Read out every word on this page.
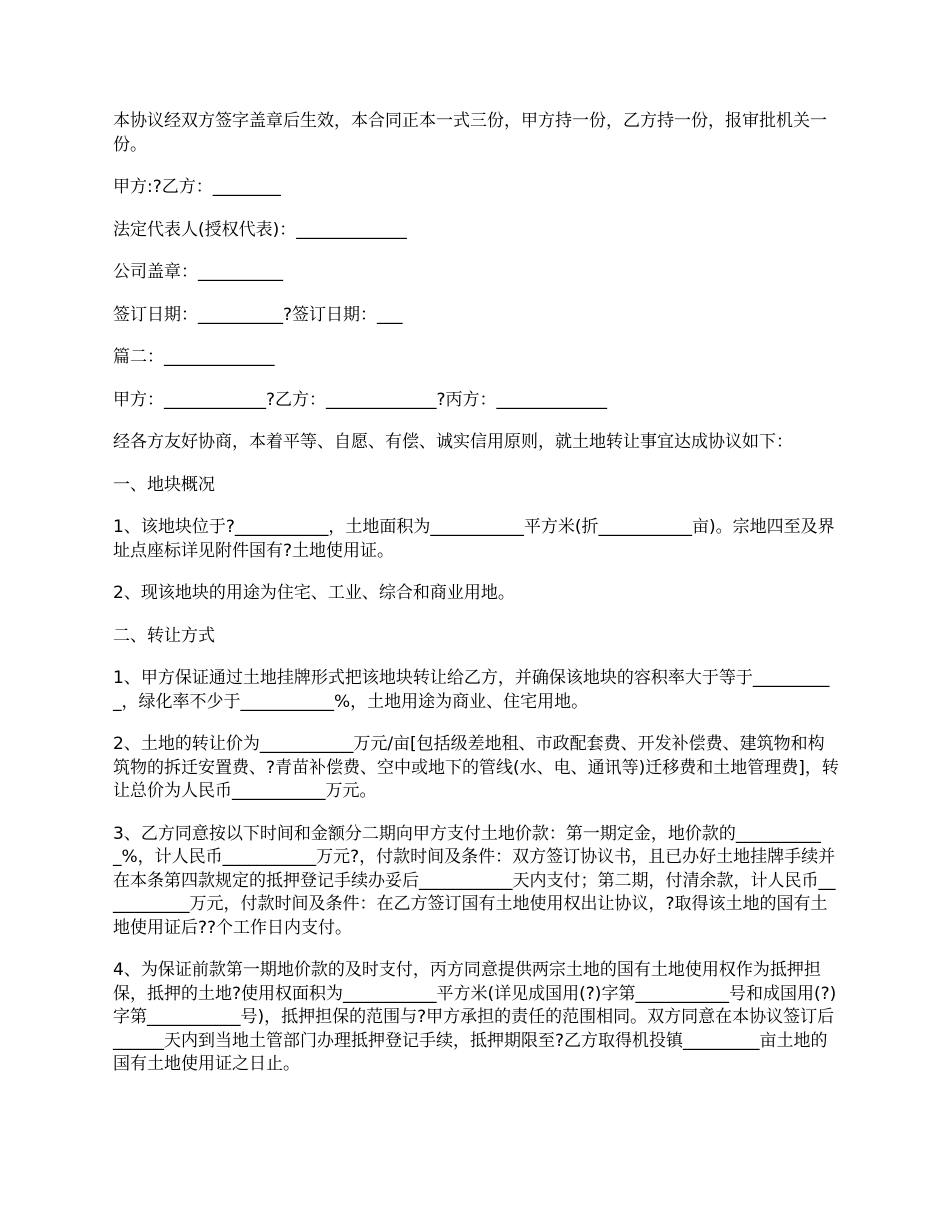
本协议经双方签字盖章后生效，本合同正本一式三份，甲方持一份，乙方持一份，报审批机关一份。

甲方:?乙方：________

法定代表人(授权代表)：_____________

公司盖章：__________

签订日期：__________?签订日期：___

篇二：_____________

甲方：____________?乙方：_____________?丙方：_____________

经各方友好协商，本着平等、自愿、有偿、诚实信用原则，就土地转让事宜达成协议如下：

一、地块概况

1、该地块位于?___________，土地面积为___________平方米(折___________亩)。宗地四至及界址点座标详见附件国有?土地使用证。

2、现该地块的用途为住宅、工业、综合和商业用地。

二、转让方式

1、甲方保证通过土地挂牌形式把该地块转让给乙方，并确保该地块的容积率大于等于__________，绿化率不少于___________%，土地用途为商业、住宅用地。

2、土地的转让价为___________万元/亩[包括级差地租、市政配套费、开发补偿费、建筑物和构筑物的拆迁安置费、?青苗补偿费、空中或地下的管线(水、电、通讯等)迁移费和土地管理费]，转让总价为人民币___________万元。

3、乙方同意按以下时间和金额分二期向甲方支付土地价款：第一期定金，地价款的___________%，计人民币___________万元?，付款时间及条件：双方签订协议书，且已办好土地挂牌手续并在本条第四款规定的抵押登记手续办妥后___________天内支付；第二期，付清余款，计人民币___________万元，付款时间及条件：在乙方签订国有土地使用权出让协议，?取得该土地的国有土地使用证后??个工作日内支付。

4、为保证前款第一期地价款的及时支付，丙方同意提供两宗土地的国有土地使用权作为抵押担保，抵押的土地?使用权面积为___________平方米(详见成国用(?)字第___________号和成国用(?)字第___________号)，抵押担保的范围与?甲方承担的责任的范围相同。双方同意在本协议签订后______天内到当地土管部门办理抵押登记手续，抵押期限至?乙方取得机投镇_________亩土地的国有土地使用证之日止。
